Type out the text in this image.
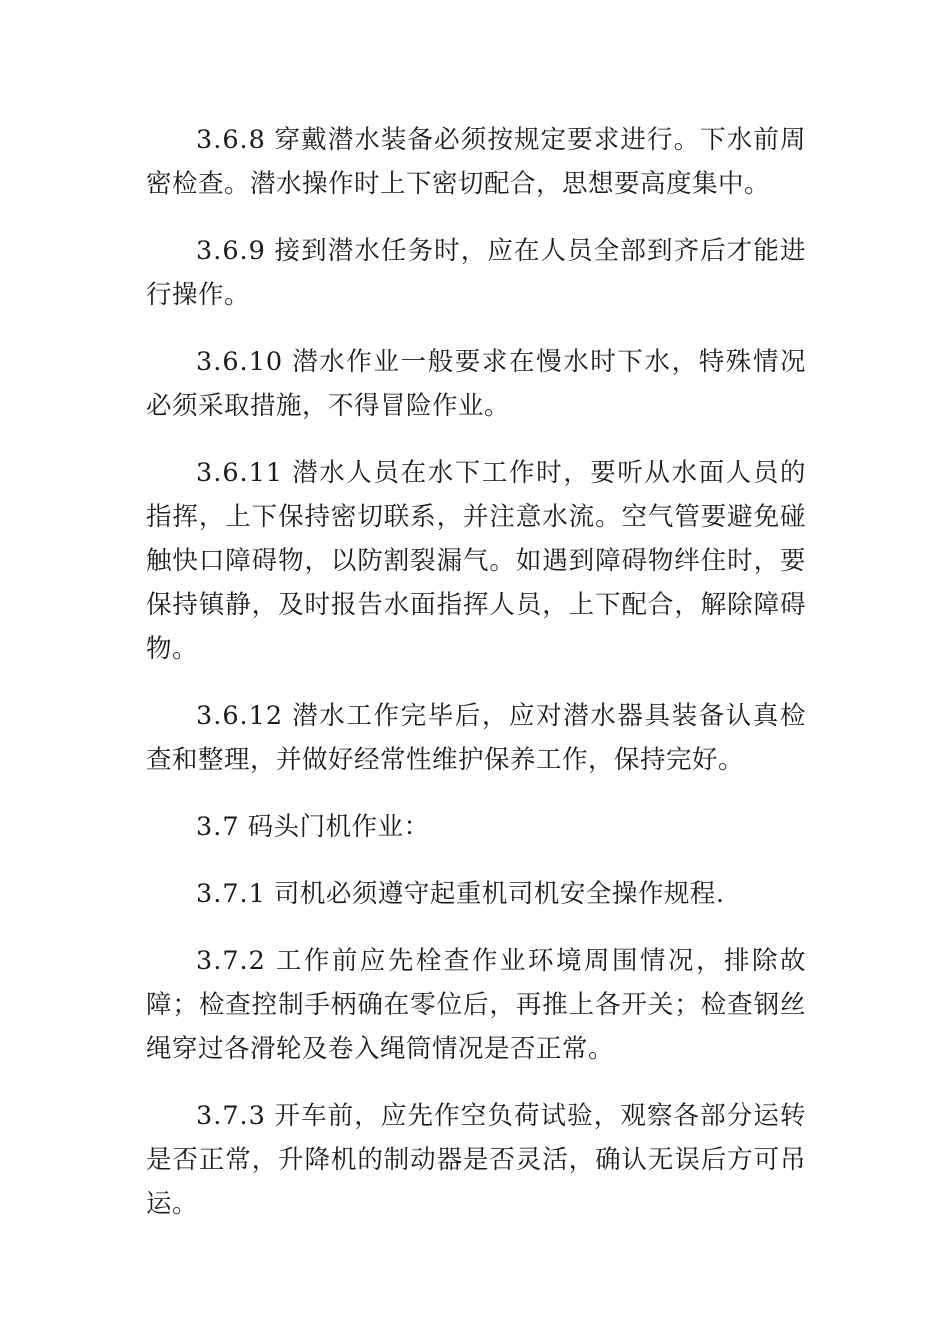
3.6.8 穿戴潜水装备必须按规定要求进行。下水前周密检查。潜水操作时上下密切配合，思想要高度集中。

3.6.9 接到潜水任务时，应在人员全部到齐后才能进行操作。

3.6.10 潜水作业一般要求在慢水时下水，特殊情况必须采取措施，不得冒险作业。

3.6.11 潜水人员在水下工作时，要听从水面人员的指挥，上下保持密切联系，并注意水流。空气管要避免碰触快口障碍物，以防割裂漏气。如遇到障碍物绊住时，要保持镇静，及时报告水面指挥人员，上下配合，解除障碍物。

3.6.12 潜水工作完毕后，应对潜水器具装备认真检查和整理，并做好经常性维护保养工作，保持完好。

3.7 码头门机作业：

3.7.1 司机必须遵守起重机司机安全操作规程.

3.7.2 工作前应先栓查作业环境周围情况，排除故障；检查控制手柄确在零位后，再推上各开关；检查钢丝绳穿过各滑轮及卷入绳筒情况是否正常。

3.7.3 开车前，应先作空负荷试验，观察各部分运转是否正常，升降机的制动器是否灵活，确认无误后方可吊运。
